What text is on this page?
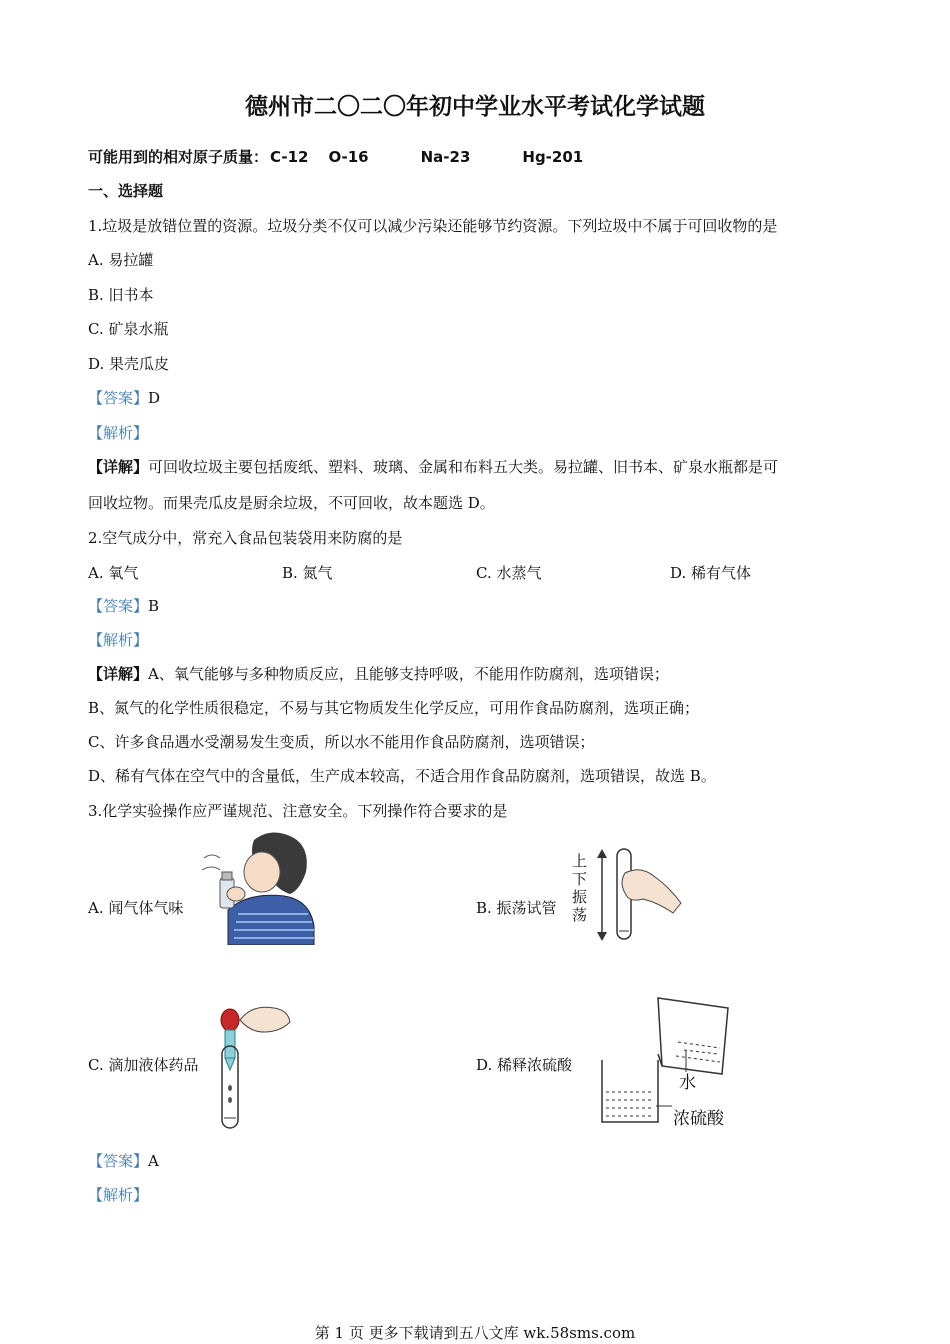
德州市二〇二〇年初中学业水平考试化学试题
可能用到的相对原子质量： C-12 O-16	Na-23	Hg-201
一、选择题
1.垃圾是放错位置的资源。垃圾分类不仅可以减少污染还能够节约资源。下列垃圾中不属于可回收物的是
A. 易拉罐
B. 旧书本
C. 矿泉水瓶
D. 果壳瓜皮
【答案】D
【解析】
【详解】可回收垃圾主要包括废纸、塑料、玻璃、金属和布料五大类。易拉罐、旧书本、矿泉水瓶都是可
回收垃物。而果壳瓜皮是厨余垃圾，不可回收，故本题选 D。
2.空气成分中，常充入食品包装袋用来防腐的是
A. 氧气	B. 氮气	C. 水蒸气	D. 稀有气体
【答案】B
【解析】
【详解】A、氧气能够与多种物质反应，且能够支持呼吸，不能用作防腐剂，选项错误；
B、氮气的化学性质很稳定，不易与其它物质发生化学反应，可用作食品防腐剂，选项正确；
C、许多食品遇水受潮易发生变质，所以水不能用作食品防腐剂，选项错误；
D、稀有气体在空气中的含量低，生产成本较高，不适合用作食品防腐剂，选项错误，故选 B。
3.化学实验操作应严谨规范、注意安全。下列操作符合要求的是
A. 闻气体气味	B. 振荡试管
C. 滴加液体药品	D. 稀释浓硫酸
上
下
振
荡
水
浓硫酸
【答案】A
【解析】
第 1 页 更多下载请到五八文库 wk.58sms.com
